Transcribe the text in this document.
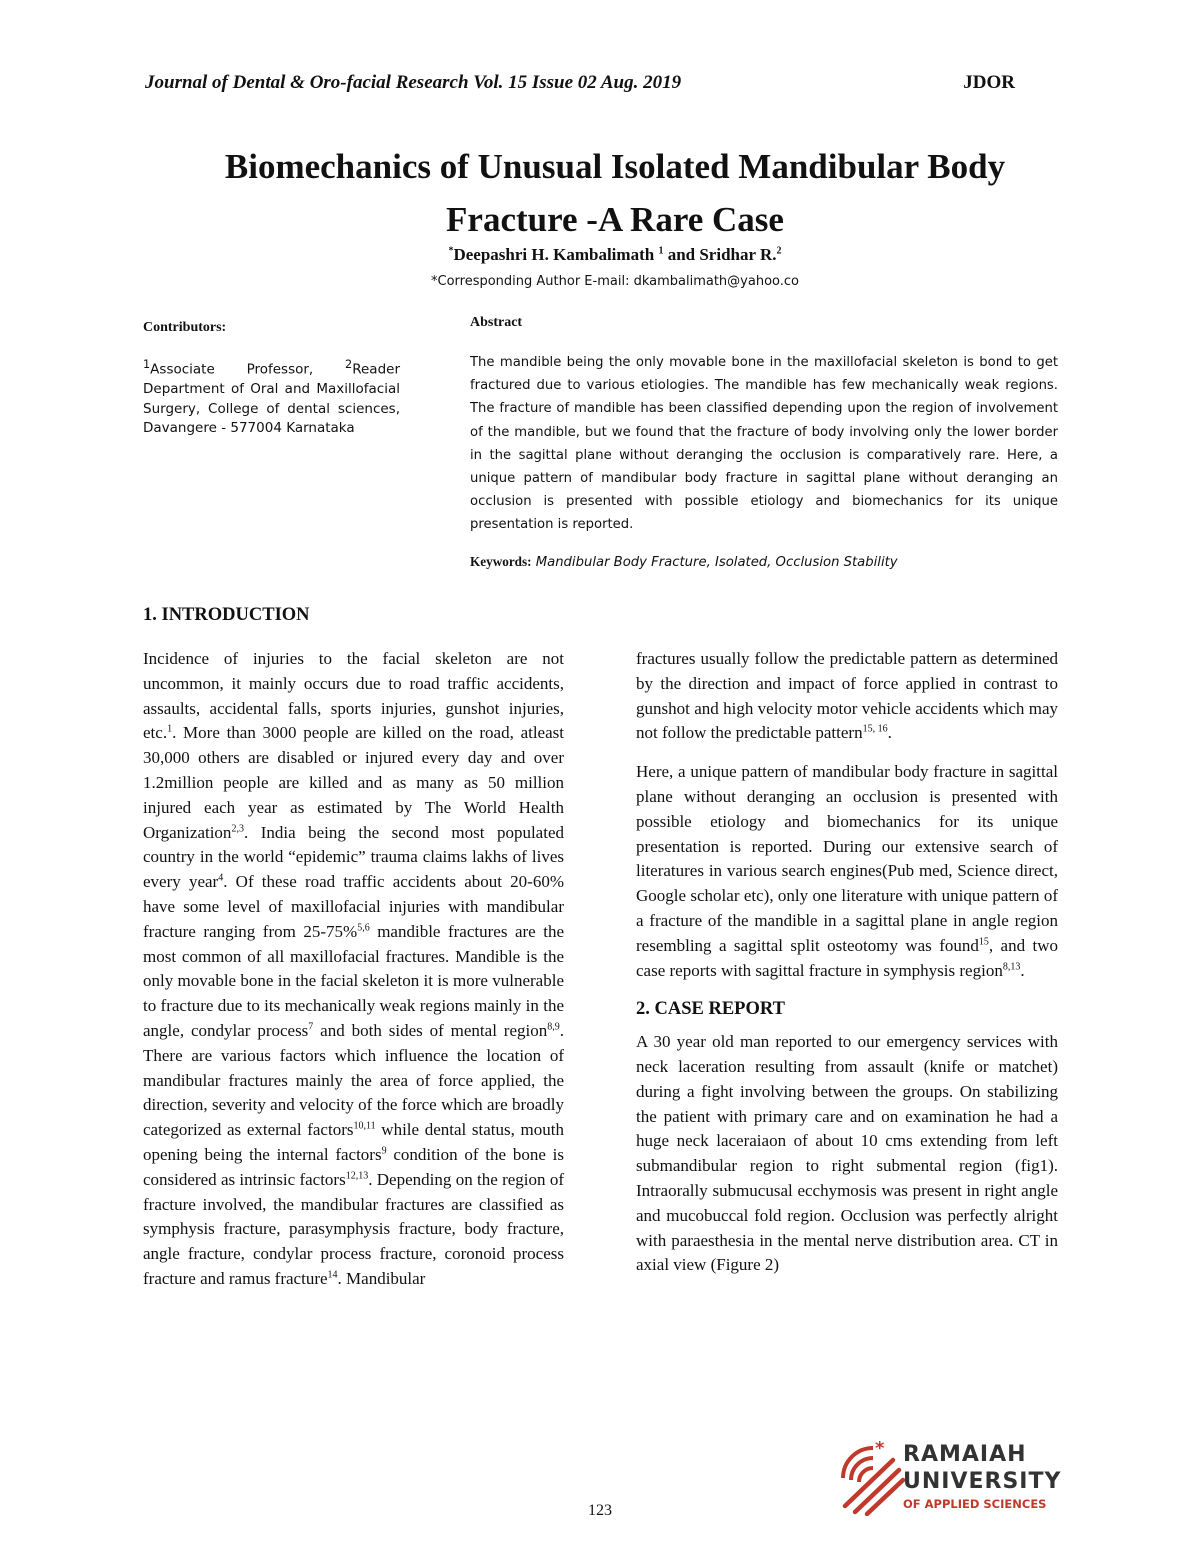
Journal of Dental & Oro-facial Research Vol. 15 Issue 02 Aug. 2019	JDOR
Biomechanics of Unusual Isolated Mandibular Body
Fracture -A Rare Case
*Deepashri H. Kambalimath $^1$ and Sridhar R.$^2$
*Corresponding Author E-mail: dkambalimath@yahoo.co
Contributors:
$^1$Associate Professor, $^2$Reader Department of Oral and Maxillofacial Surgery, College of dental sciences, Davangere - 577004 Karnataka
Abstract
The mandible being the only movable bone in the maxillofacial skeleton is bond to get fractured due to various etiologies. The mandible has few mechanically weak regions. The fracture of mandible has been classified depending upon the region of involvement of the mandible, but we found that the fracture of body involving only the lower border in the sagittal plane without deranging the occlusion is comparatively rare. Here, a unique pattern of mandibular body fracture in sagittal plane without deranging an occlusion is presented with possible etiology and biomechanics for its unique presentation is reported.
Keywords: Mandibular Body Fracture, Isolated, Occlusion Stability
1. INTRODUCTION

Incidence of injuries to the facial skeleton are not uncommon, it mainly occurs due to road traffic accidents, assaults, accidental falls, sports injuries, gunshot injuries, etc.$^1$. More than 3000 people are killed on the road, atleast 30,000 others are disabled or injured every day and over 1.2million people are killed and as many as 50 million injured each year as estimated by The World Health Organization$^{2,3}$. India being the second most populated country in the world “epidemic” trauma claims lakhs of lives every year$^4$. Of these road traffic accidents about 20-60% have some level of maxillofacial injuries with mandibular fracture ranging from 25-75%$^{5,6}$ mandible fractures are the most common of all maxillofacial fractures. Mandible is the only movable bone in the facial skeleton it is more vulnerable to fracture due to its mechanically weak regions mainly in the angle, condylar process$^7$ and both sides of mental region$^{8,9}$. There are various factors which influence the location of mandibular fractures mainly the area of force applied, the direction, severity and velocity of the force which are broadly categorized as external factors$^{10,11}$ while dental status, mouth opening being the internal factors$^9$ condition of the bone is considered as intrinsic factors$^{12,13}$. Depending on the region of fracture involved, the mandibular fractures are classified as symphysis fracture, parasymphysis fracture, body fracture, angle fracture, condylar process fracture, coronoid process fracture and ramus fracture$^{14}$. Mandibular

fractures usually follow the predictable pattern as determined by the direction and impact of force applied in contrast to gunshot and high velocity motor vehicle accidents which may not follow the predictable pattern$^{15, 16}$.

Here, a unique pattern of mandibular body fracture in sagittal plane without deranging an occlusion is presented with possible etiology and biomechanics for its unique presentation is reported. During our extensive search of literatures in various search engines(Pub med, Science direct, Google scholar etc), only one literature with unique pattern of a fracture of the mandible in a sagittal plane in angle region resembling a sagittal split osteotomy was found$^{15}$, and two case reports with sagittal fracture in symphysis region$^{8,13}$.

2. CASE REPORT

A 30 year old man reported to our emergency services with neck laceration resulting from assault (knife or matchet) during a fight involving between the groups. On stabilizing the patient with primary care and on examination he had a huge neck laceraiaon of about 10 cms extending from left submandibular region to right submental region (fig1). Intraorally submucusal ecchymosis was present in right angle and mucobuccal fold region. Occlusion was perfectly alright with paraesthesia in the mental nerve distribution area. CT in axial view (Figure 2)

* RAMAIAH
UNIVERSITY
OF APPLIED SCIENCES
123
